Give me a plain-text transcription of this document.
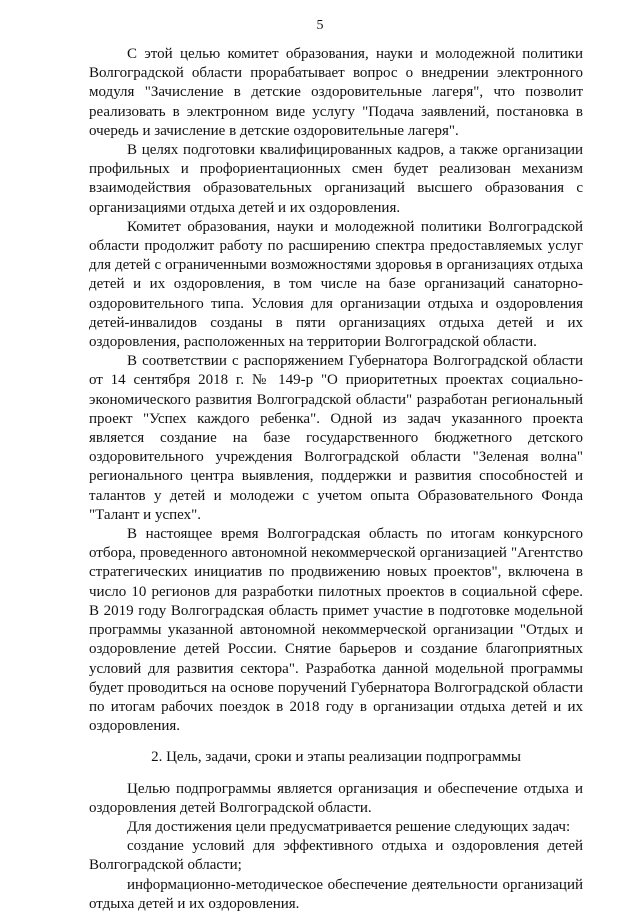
5

С этой целью комитет образования, науки и молодежной политики Волгоградской области прорабатывает вопрос о внедрении электронного модуля "Зачисление в детские оздоровительные лагеря", что позволит реализовать в электронном виде услугу "Подача заявлений, постановка в очередь и зачисление в детские оздоровительные лагеря".

В целях подготовки квалифицированных кадров, а также организации профильных и профориентационных смен будет реализован механизм взаимодействия образовательных организаций высшего образования с организациями отдыха детей и их оздоровления.

Комитет образования, науки и молодежной политики Волгоградской области продолжит работу по расширению спектра предоставляемых услуг для детей с ограниченными возможностями здоровья в организациях отдыха детей и их оздоровления, в том числе на базе организаций санаторно-оздоровительного типа. Условия для организации отдыха и оздоровления детей-инвалидов созданы в пяти организациях отдыха детей и их оздоровления, расположенных на территории Волгоградской области.

В соответствии с распоряжением Губернатора Волгоградской области от 14 сентября 2018 г. № 149-р "О приоритетных проектах социально-экономического развития Волгоградской области" разработан региональный проект "Успех каждого ребенка". Одной из задач указанного проекта является создание на базе государственного бюджетного детского оздоровительного учреждения Волгоградской области "Зеленая волна" регионального центра выявления, поддержки и развития способностей и талантов у детей и молодежи с учетом опыта Образовательного Фонда "Талант и успех".

В настоящее время Волгоградская область по итогам конкурсного отбора, проведенного автономной некоммерческой организацией "Агентство стратегических инициатив по продвижению новых проектов", включена в число 10 регионов для разработки пилотных проектов в социальной сфере. В 2019 году Волгоградская область примет участие в подготовке модельной программы указанной автономной некоммерческой организации "Отдых и оздоровление детей России. Снятие барьеров и создание благоприятных условий для развития сектора". Разработка данной модельной программы будет проводиться на основе поручений Губернатора Волгоградской области по итогам рабочих поездок в 2018 году в организации отдыха детей и их оздоровления.

2. Цель, задачи, сроки и этапы реализации подпрограммы

Целью подпрограммы является организация и обеспечение отдыха и оздоровления детей Волгоградской области.

Для достижения цели предусматривается решение следующих задач:

создание условий для эффективного отдыха и оздоровления детей Волгоградской области;

информационно-методическое обеспечение деятельности организаций отдыха детей и их оздоровления.
